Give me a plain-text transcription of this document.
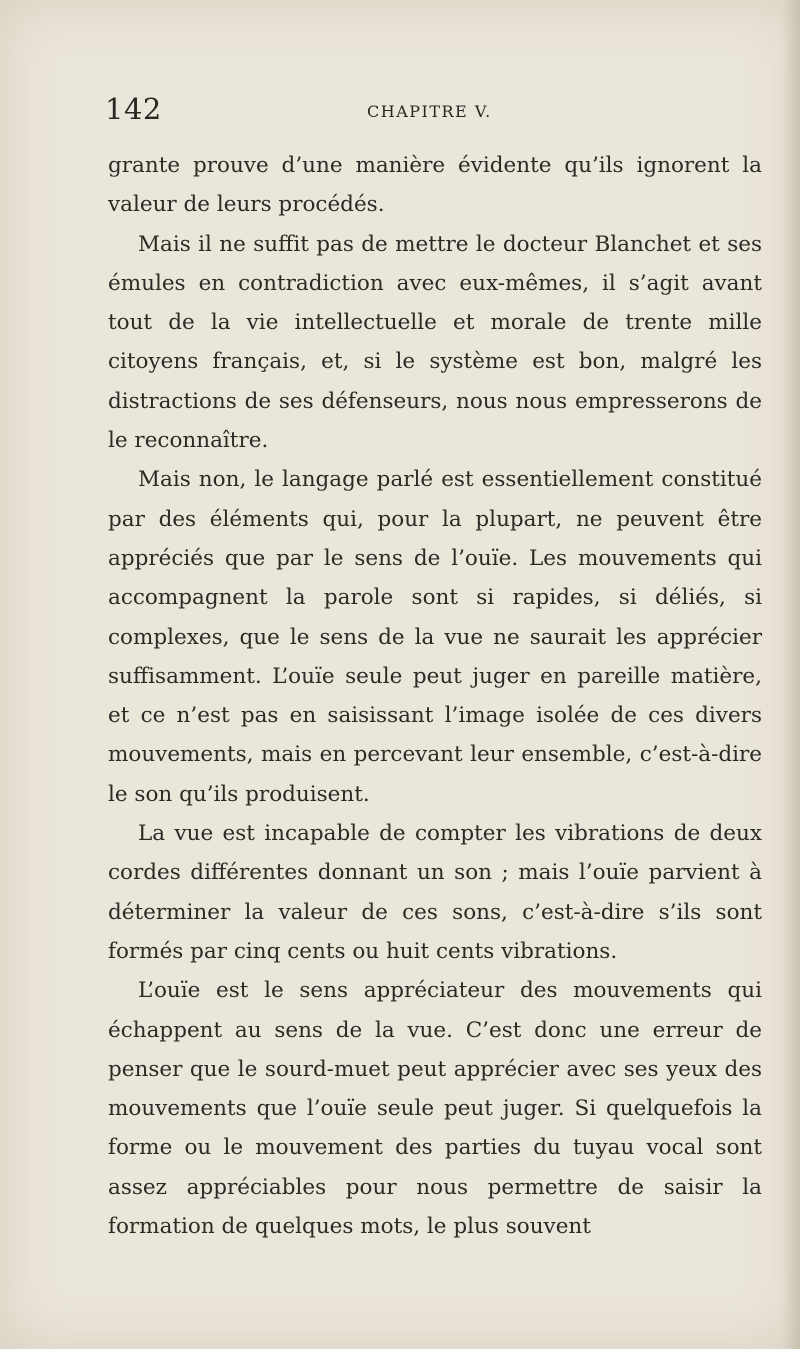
142	CHAPITRE V.

grante prouve d’une manière évidente qu’ils ignorent la valeur de leurs procédés.

Mais il ne suffit pas de mettre le docteur Blanchet et ses émules en contradiction avec eux-mêmes, il s’agit avant tout de la vie intellectuelle et morale de trente mille citoyens français, et, si le système est bon, malgré les distractions de ses défenseurs, nous nous empresserons de le reconnaître.

Mais non, le langage parlé est essentiellement constitué par des éléments qui, pour la plupart, ne peuvent être appréciés que par le sens de l’ouïe. Les mouvements qui accompagnent la parole sont si rapides, si déliés, si complexes, que le sens de la vue ne saurait les apprécier suffisamment. L’ouïe seule peut juger en pareille matière, et ce n’est pas en saisissant l’image isolée de ces divers mouvements, mais en percevant leur ensemble, c’est-à-dire le son qu’ils produisent.

La vue est incapable de compter les vibrations de deux cordes différentes donnant un son ; mais l’ouïe parvient à déterminer la valeur de ces sons, c’est-à-dire s’ils sont formés par cinq cents ou huit cents vibrations.

L’ouïe est le sens appréciateur des mouvements qui échappent au sens de la vue. C’est donc une erreur de penser que le sourd-muet peut apprécier avec ses yeux des mouvements que l’ouïe seule peut juger. Si quelquefois la forme ou le mouvement des parties du tuyau vocal sont assez appréciables pour nous permettre de saisir la formation de quelques mots, le plus souvent
